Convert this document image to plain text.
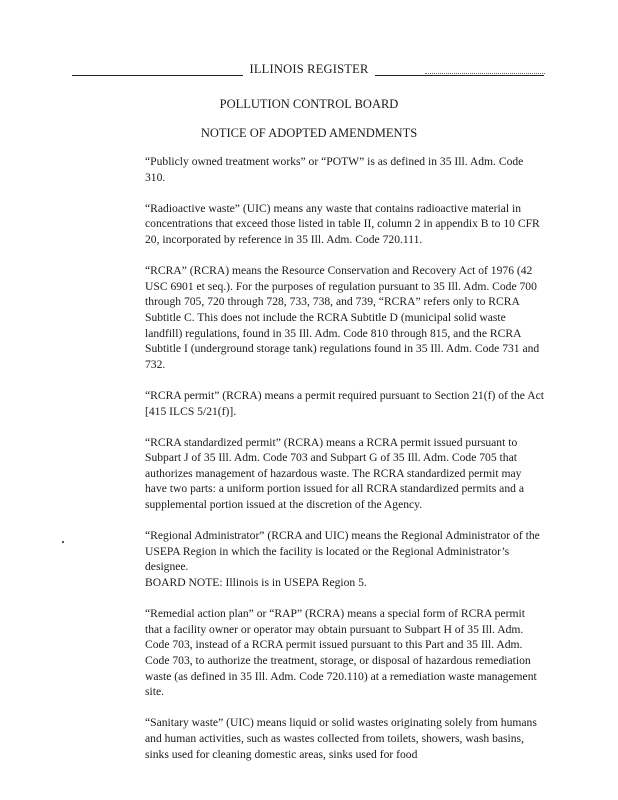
ILLINOIS REGISTER
POLLUTION CONTROL BOARD
NOTICE OF ADOPTED AMENDMENTS

“Publicly owned treatment works” or “POTW” is as defined in 35 Ill. Adm. Code 310.

“Radioactive waste” (UIC) means any waste that contains radioactive material in concentrations that exceed those listed in table II, column 2 in appendix B to 10 CFR 20, incorporated by reference in 35 Ill. Adm. Code 720.111.

“RCRA” (RCRA) means the Resource Conservation and Recovery Act of 1976 (42 USC 6901 et seq.). For the purposes of regulation pursuant to 35 Ill. Adm. Code 700 through 705, 720 through 728, 733, 738, and 739, “RCRA” refers only to RCRA Subtitle C. This does not include the RCRA Subtitle D (municipal solid waste landfill) regulations, found in 35 Ill. Adm. Code 810 through 815, and the RCRA Subtitle I (underground storage tank) regulations found in 35 Ill. Adm. Code 731 and 732.

“RCRA permit” (RCRA) means a permit required pursuant to Section 21(f) of the Act [415 ILCS 5/21(f)].

“RCRA standardized permit” (RCRA) means a RCRA permit issued pursuant to Subpart J of 35 Ill. Adm. Code 703 and Subpart G of 35 Ill. Adm. Code 705 that authorizes management of hazardous waste. The RCRA standardized permit may have two parts: a uniform portion issued for all RCRA standardized permits and a supplemental portion issued at the discretion of the Agency.

“Regional Administrator” (RCRA and UIC) means the Regional Administrator of the USEPA Region in which the facility is located or the Regional Administrator’s designee.

BOARD NOTE: Illinois is in USEPA Region 5.

“Remedial action plan” or “RAP” (RCRA) means a special form of RCRA permit that a facility owner or operator may obtain pursuant to Subpart H of 35 Ill. Adm. Code 703, instead of a RCRA permit issued pursuant to this Part and 35 Ill. Adm. Code 703, to authorize the treatment, storage, or disposal of hazardous remediation waste (as defined in 35 Ill. Adm. Code 720.110) at a remediation waste management site.

“Sanitary waste” (UIC) means liquid or solid wastes originating solely from humans and human activities, such as wastes collected from toilets, showers, wash basins, sinks used for cleaning domestic areas, sinks used for food
